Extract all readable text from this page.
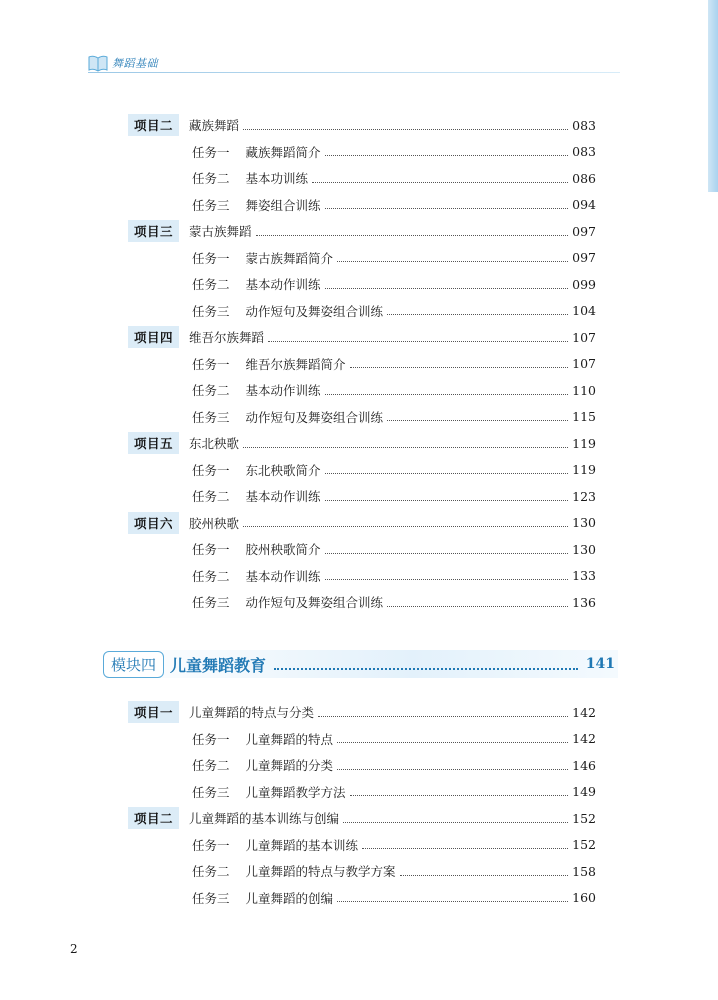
舞蹈基础
项目二	藏族舞蹈	083
任务一 藏族舞蹈简介	083
任务二 基本功训练	086
任务三 舞姿组合训练	094
项目三	蒙古族舞蹈	097
任务一 蒙古族舞蹈简介	097
任务二 基本动作训练	099
任务三 动作短句及舞姿组合训练	104
项目四	维吾尔族舞蹈	107
任务一 维吾尔族舞蹈简介	107
任务二 基本动作训练	110
任务三 动作短句及舞姿组合训练	115
项目五	东北秧歌	119
任务一 东北秧歌简介	119
任务二 基本动作训练	123
项目六	胶州秧歌	130
任务一 胶州秧歌简介	130
任务二 基本动作训练	133
任务三 动作短句及舞姿组合训练	136
模块四 儿童舞蹈教育	141
项目一	儿童舞蹈的特点与分类	142
任务一 儿童舞蹈的特点	142
任务二 儿童舞蹈的分类	146
任务三 儿童舞蹈教学方法	149
项目二	儿童舞蹈的基本训练与创编	152
任务一 儿童舞蹈的基本训练	152
任务二 儿童舞蹈的特点与教学方案	158
任务三 儿童舞蹈的创编	160
2
